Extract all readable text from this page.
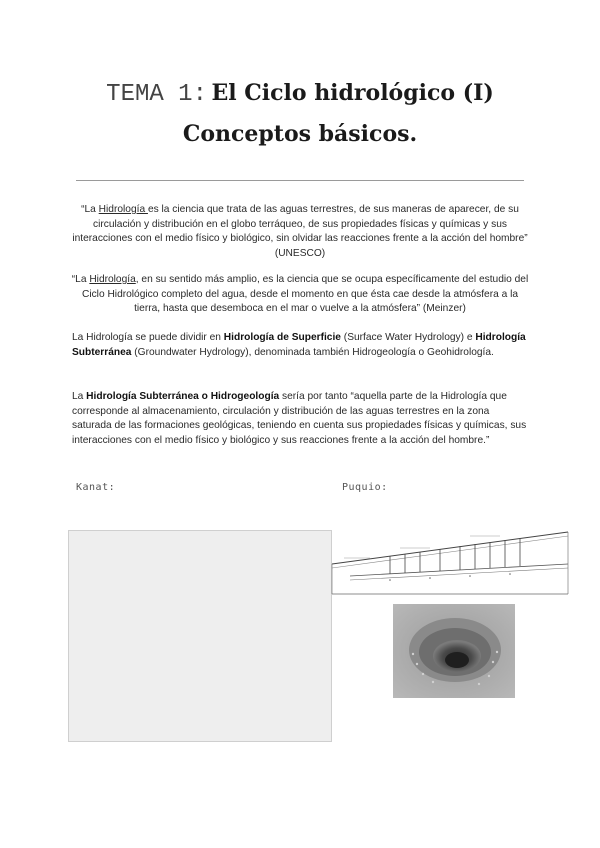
TEMA 1: El Ciclo hidrológico (I)
Conceptos básicos.
“La Hidrología es la ciencia que trata de las aguas terrestres, de sus maneras de aparecer, de su circulación y distribución en el globo terráqueo, de sus propiedades físicas y químicas y sus interacciones con el medio físico y biológico, sin olvidar las reacciones frente a la acción del hombre” (UNESCO)
“La Hidrología, en su sentido más amplio, es la ciencia que se ocupa específicamente del estudio del Ciclo Hidrológico completo del agua, desde el momento en que ésta cae desde la atmósfera a la tierra, hasta que desemboca en el mar o vuelve a la atmósfera” (Meinzer)
La Hidrología se puede dividir en Hidrología de Superficie (Surface Water Hydrology) e Hidrología Subterránea (Groundwater Hydrology), denominada también Hidrogeología o Geohidrología.
La Hidrología Subterránea o Hidrogeología sería por tanto “aquella parte de la Hidrología que corresponde al almacenamiento, circulación y distribución de las aguas terrestres en la zona saturada de las formaciones geológicas, teniendo en cuenta sus propiedades físicas y químicas, sus interacciones con el medio físico y biológico y sus reacciones frente a la acción del hombre.”
Kanat:	Puquio:
